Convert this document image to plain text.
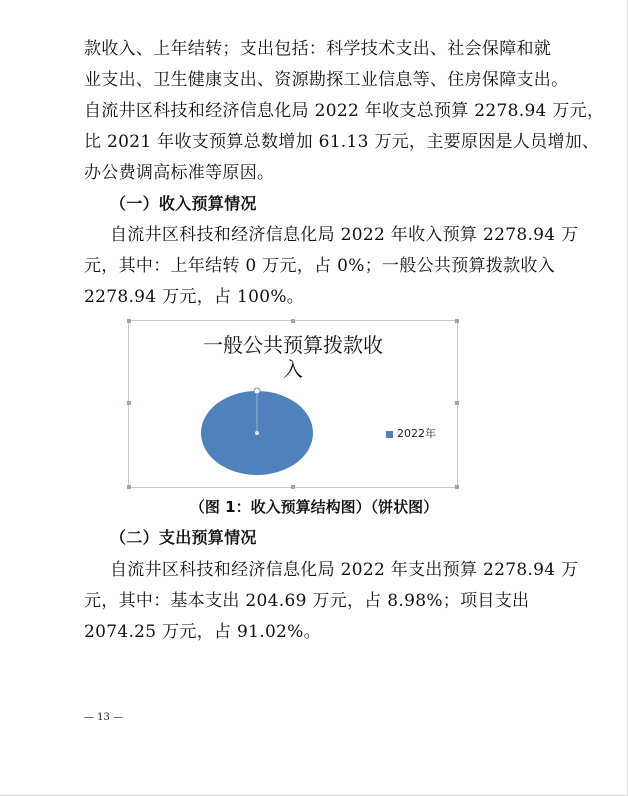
款收入、上年结转；支出包括：科学技术支出、社会保障和就
业支出、卫生健康支出、资源勘探工业信息等、住房保障支出。
自流井区科技和经济信息化局 2022 年收支总预算 2278.94 万元，
比 2021 年收支预算总数增加 61.13 万元，主要原因是人员增加、
办公费调高标准等原因。
（一）收入预算情况
自流井区科技和经济信息化局 2022 年收入预算 2278.94 万
元，其中：上年结转 0 万元，占 0%；一般公共预算拨款收入
2278.94 万元，占 100%。
一般公共预算拨款收
入
2022年
（图 1：收入预算结构图）（饼状图）
（二）支出预算情况
自流井区科技和经济信息化局 2022 年支出预算 2278.94 万
元，其中：基本支出 204.69 万元，占 8.98%；项目支出
2074.25 万元，占 91.02%。
— 13 —
